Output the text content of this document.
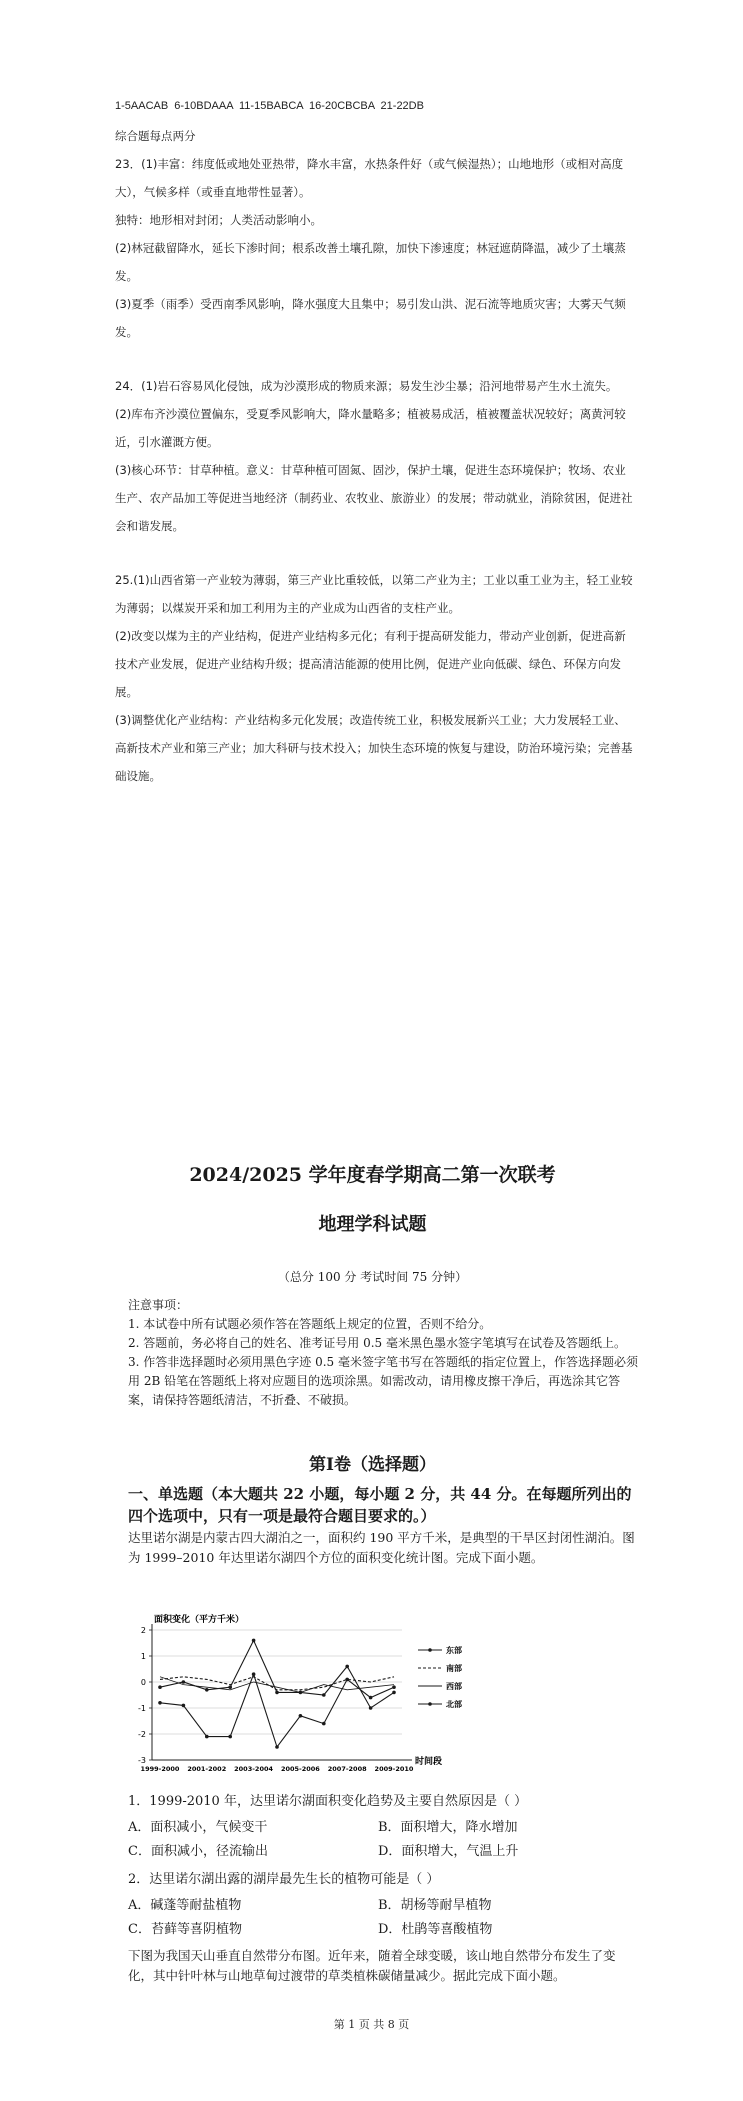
1-5AACAB 6-10BDAAA 11-15BABCA 16-20CBCBA 21-22DB

综合题每点两分

23．(1)丰富：纬度低或地处亚热带，降水丰富，水热条件好（或气候湿热）；山地地形（或相对高度大），气候多样（或垂直地带性显著）。

独特：地形相对封闭；人类活动影响小。

(2)林冠截留降水，延长下渗时间；根系改善土壤孔隙，加快下渗速度；林冠遮荫降温，减少了土壤蒸发。

(3)夏季（雨季）受西南季风影响，降水强度大且集中；易引发山洪、泥石流等地质灾害；大雾天气频发。

24．(1)岩石容易风化侵蚀，成为沙漠形成的物质来源；易发生沙尘暴；沿河地带易产生水土流失。

(2)库布齐沙漠位置偏东，受夏季风影响大，降水量略多；植被易成活，植被覆盖状况较好；离黄河较近，引水灌溉方便。

(3)核心环节：甘草种植。意义：甘草种植可固氮、固沙，保护土壤，促进生态环境保护；牧场、农业生产、农产品加工等促进当地经济（制药业、农牧业、旅游业）的发展；带动就业，消除贫困，促进社会和谐发展。

25.(1)山西省第一产业较为薄弱，第三产业比重较低，以第二产业为主；工业以重工业为主，轻工业较为薄弱；以煤炭开采和加工利用为主的产业成为山西省的支柱产业。

(2)改变以煤为主的产业结构，促进产业结构多元化；有利于提高研发能力，带动产业创新，促进高新技术产业发展，促进产业结构升级；提高清洁能源的使用比例，促进产业向低碳、绿色、环保方向发展。

(3)调整优化产业结构：产业结构多元化发展；改造传统工业，积极发展新兴工业；大力发展轻工业、高新技术产业和第三产业；加大科研与技术投入；加快生态环境的恢复与建设，防治环境污染；完善基础设施。

2024/2025 学年度春学期高二第一次联考
地理学科试题
（总分 100 分 考试时间 75 分钟）

注意事项：

1. 本试卷中所有试题必须作答在答题纸上规定的位置，否则不给分。

2. 答题前，务必将自己的姓名、准考证号用 0.5 毫米黑色墨水签字笔填写在试卷及答题纸上。

3. 作答非选择题时必须用黑色字迹 0.5 毫米签字笔书写在答题纸的指定位置上，作答选择题必须用 2B 铅笔在答题纸上将对应题目的选项涂黑。如需改动，请用橡皮擦干净后，再选涂其它答案，请保持答题纸清洁，不折叠、不破损。

第Ⅰ卷（选择题）
一、单选题（本大题共 22 小题，每小题 2 分，共 44 分。在每题所列出的四个选项中，只有一项是最符合题目要求的。）
达里诺尔湖是内蒙古四大湖泊之一，面积约 190 平方千米，是典型的干旱区封闭性湖泊。图为 1999–2010 年达里诺尔湖四个方位的面积变化统计图。完成下面小题。
面积变化（平方千米）
2
1
0
-1
-2
-3
1999-2000 2001-2002 2003-2004 2005-2006 2007-2008 2009-2010
东部
南部
西部
北部
时间段
1．1999-2010 年，达里诺尔湖面积变化趋势及主要自然原因是（ ）
A．面积减小，气候变干	B．面积增大，降水增加
C．面积减小，径流输出	D．面积增大，气温上升
2．达里诺尔湖出露的湖岸最先生长的植物可能是（ ）
A．碱蓬等耐盐植物	B．胡杨等耐旱植物
C．苔藓等喜阴植物	D．杜鹃等喜酸植物
下图为我国天山垂直自然带分布图。近年来，随着全球变暖，该山地自然带分布发生了变化，其中针叶林与山地草甸过渡带的草类植株碳储量减少。据此完成下面小题。
第 1 页 共 8 页
